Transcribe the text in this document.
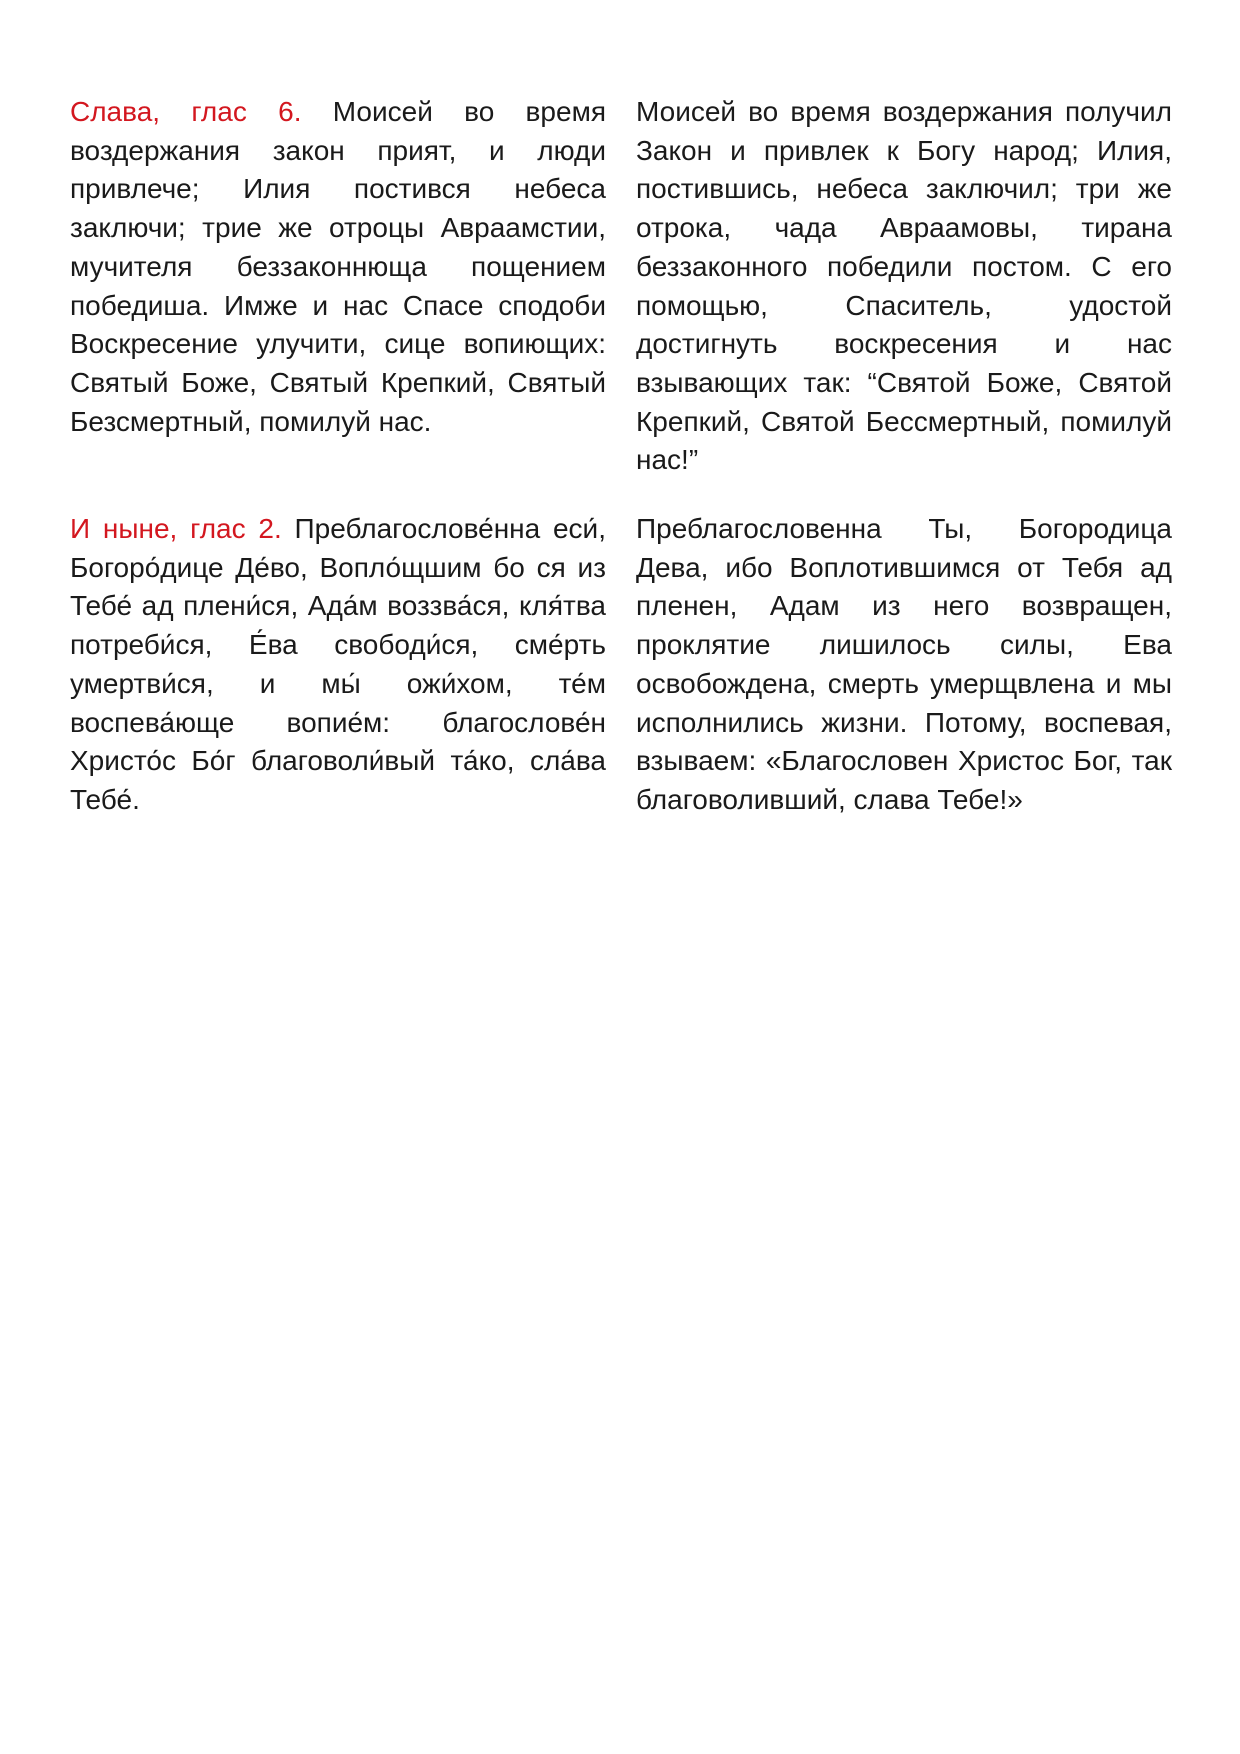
Слава, глас 6. Моисей во время воздержания закон прият, и люди привлече; Илия постився небеса заключи; трие же отроцы Авраамстии, мучителя беззаконнюща пощением победиша. Имже и нас Спасе сподоби Воскресение улучити, сице вопиющих: Святый Боже, Святый Крепкий, Святый Безсмертный, помилуй нас.
Моисей во время воздержания получил Закон и привлек к Богу народ; Илия, постившись, небеса заключил; три же отрока, чада Авраамовы, тирана беззаконного победили постом. С его помощью, Спаситель, удостой достигнуть воскресения и нас взывающих так: “Святой Боже, Святой Крепкий, Святой Бессмертный, помилуй нас!”
И ныне, глас 2. Преблагослове́нна еси́, Богоро́дице Де́во, Вопло́щшим бо ся из Тебе́ ад плени́ся, Ада́м воззва́ся, кля́тва потреби́ся, Е́ва свободи́ся, сме́рть умертви́ся, и мы́ ожи́хом, те́м воспева́юще вопие́м: благослове́н Христо́с Бо́г благоволи́вый та́ко, сла́ва Тебе́.
Преблагословенна Ты, Богородица Дева, ибо Воплотившимся от Тебя ад пленен, Адам из него возвращен, проклятие лишилось силы, Ева освобождена, смерть умерщвлена и мы исполнились жизни. Потому, воспевая, взываем: «Благословен Христос Бог, так благоволивший, слава Тебе!»
